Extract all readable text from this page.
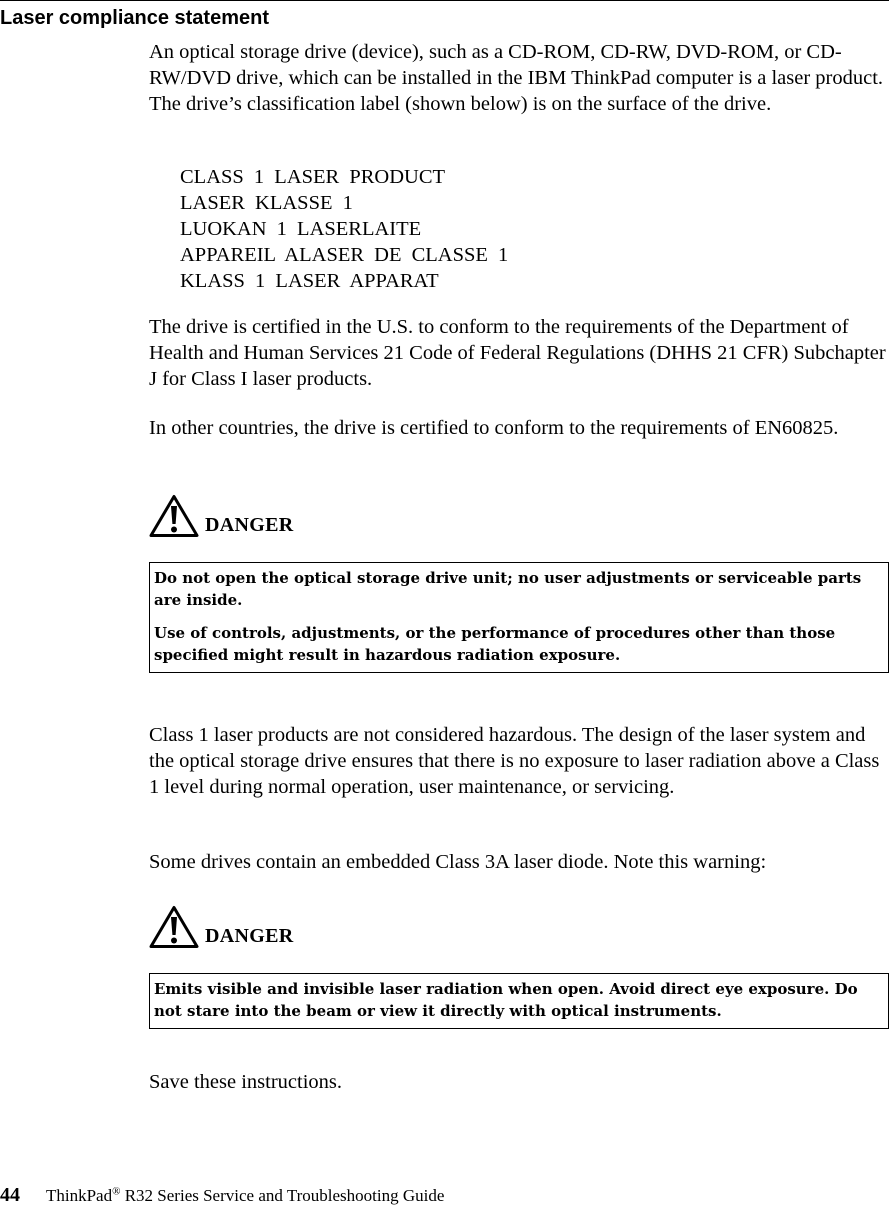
Laser compliance statement

An optical storage drive (device), such as a CD-ROM, CD-RW, DVD-ROM, or CD-RW/DVD drive, which can be installed in the IBM ThinkPad computer is a laser product. The drive’s classification label (shown below) is on the surface of the drive.

CLASS 1 LASER PRODUCT
LASER KLASSE 1
LUOKAN 1 LASERLAITE
APPAREIL ALASER DE CLASSE 1
KLASS 1 LASER APPARAT

The drive is certified in the U.S. to conform to the requirements of the Department of Health and Human Services 21 Code of Federal Regulations (DHHS 21 CFR) Subchapter J for Class I laser products.

In other countries, the drive is certified to conform to the requirements of EN60825.

DANGER

Do not open the optical storage drive unit; no user adjustments or serviceable parts are inside.

Use of controls, adjustments, or the performance of procedures other than those specified might result in hazardous radiation exposure.

Class 1 laser products are not considered hazardous. The design of the laser system and the optical storage drive ensures that there is no exposure to laser radiation above a Class 1 level during normal operation, user maintenance, or servicing.

Some drives contain an embedded Class 3A laser diode. Note this warning:

DANGER

Emits visible and invisible laser radiation when open. Avoid direct eye exposure. Do not stare into the beam or view it directly with optical instruments.

Save these instructions.

44 ThinkPad® R32 Series Service and Troubleshooting Guide
